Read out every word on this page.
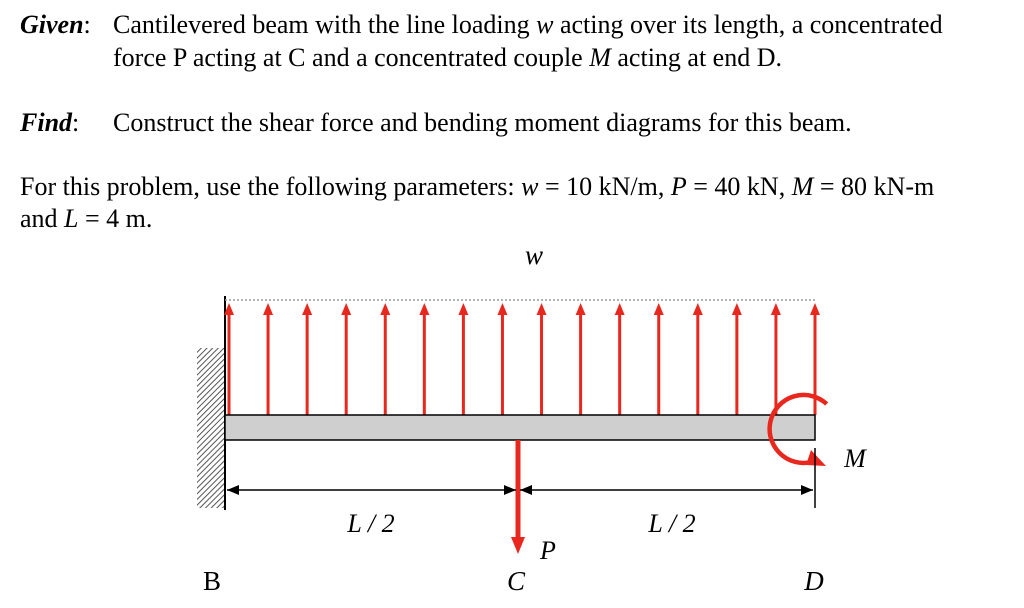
Given: Cantilevered beam with the line loading w acting over its length, a concentrated
force P acting at C and a concentrated couple M acting at end D.
Find: Construct the shear force and bending moment diagrams for this beam.
For this problem, use the following parameters: w = 10 kN/m, P = 40 kN, M = 80 kN-m
and L = 4 m.
w
M
L / 2	L / 2
P
B	C	D
